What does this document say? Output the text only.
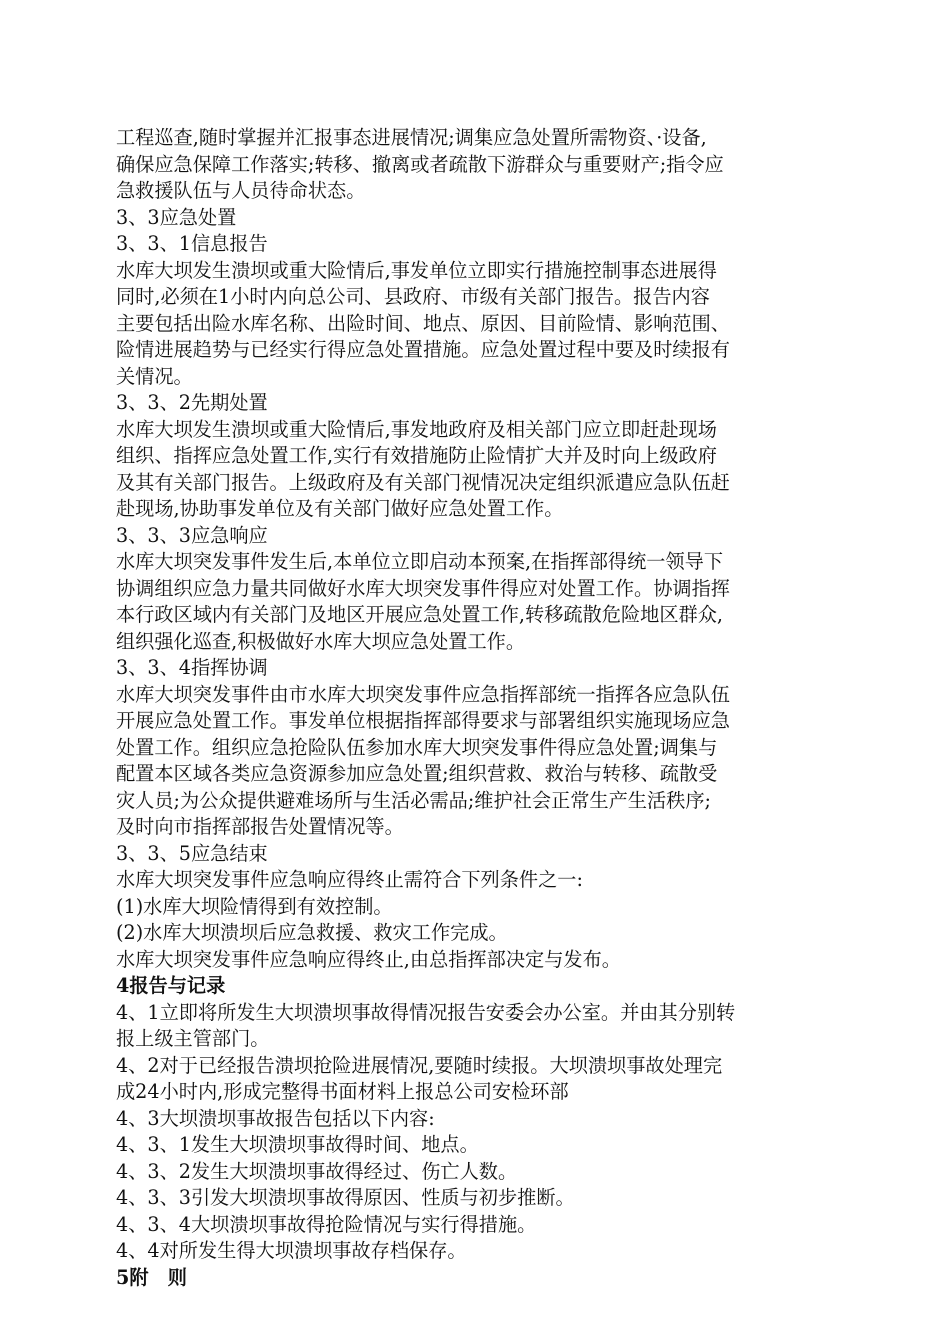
工程巡查,随时掌握并汇报事态进展情况;调集应急处置所需物资、·设备,
确保应急保障工作落实;转移、撤离或者疏散下游群众与重要财产;指令应
急救援队伍与人员待命状态。
3、3应急处置
3、3、1信息报告
水库大坝发生溃坝或重大险情后,事发单位立即实行措施控制事态进展得
同时,必须在1小时内向总公司、县政府、市级有关部门报告。报告内容
主要包括出险水库名称、出险时间、地点、原因、目前险情、影响范围、
险情进展趋势与已经实行得应急处置措施。应急处置过程中要及时续报有
关情况。
3、3、2先期处置
水库大坝发生溃坝或重大险情后,事发地政府及相关部门应立即赶赴现场
组织、指挥应急处置工作,实行有效措施防止险情扩大并及时向上级政府
及其有关部门报告。上级政府及有关部门视情况决定组织派遣应急队伍赶
赴现场,协助事发单位及有关部门做好应急处置工作。
3、3、3应急响应
水库大坝突发事件发生后,本单位立即启动本预案,在指挥部得统一领导下
协调组织应急力量共同做好水库大坝突发事件得应对处置工作。协调指挥
本行政区域内有关部门及地区开展应急处置工作,转移疏散危险地区群众,
组织强化巡查,积极做好水库大坝应急处置工作。
3、3、4指挥协调
水库大坝突发事件由市水库大坝突发事件应急指挥部统一指挥各应急队伍
开展应急处置工作。事发单位根据指挥部得要求与部署组织实施现场应急
处置工作。组织应急抢险队伍参加水库大坝突发事件得应急处置;调集与
配置本区域各类应急资源参加应急处置;组织营救、救治与转移、疏散受
灾人员;为公众提供避难场所与生活必需品;维护社会正常生产生活秩序;
及时向市指挥部报告处置情况等。
3、3、5应急结束
水库大坝突发事件应急响应得终止需符合下列条件之一:
(1)水库大坝险情得到有效控制。
(2)水库大坝溃坝后应急救援、救灾工作完成。
水库大坝突发事件应急响应得终止,由总指挥部决定与发布。
4报告与记录
4、1立即将所发生大坝溃坝事故得情况报告安委会办公室。并由其分别转
报上级主管部门。
4、2对于已经报告溃坝抢险进展情况,要随时续报。大坝溃坝事故处理完
成24小时内,形成完整得书面材料上报总公司安检环部
4、3大坝溃坝事故报告包括以下内容:
4、3、1发生大坝溃坝事故得时间、地点。
4、3、2发生大坝溃坝事故得经过、伤亡人数。
4、3、3引发大坝溃坝事故得原因、性质与初步推断。
4、3、4大坝溃坝事故得抢险情况与实行得措施。
4、4对所发生得大坝溃坝事故存档保存。
5附　则
